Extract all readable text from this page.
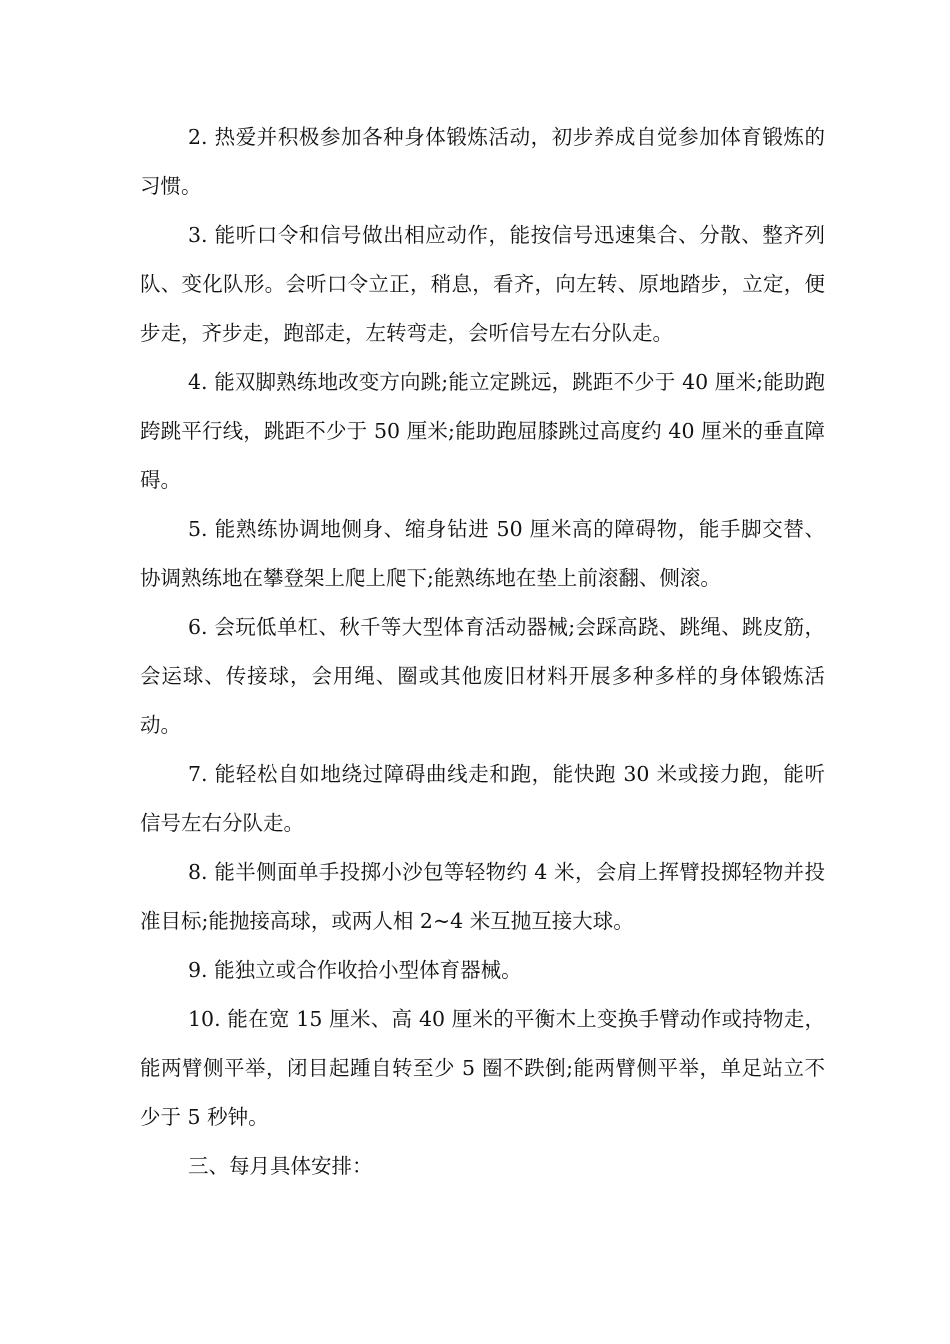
2. 热爱并积极参加各种身体锻炼活动，初步养成自觉参加体育锻炼的习惯。

3. 能听口令和信号做出相应动作，能按信号迅速集合、分散、整齐列队、变化队形。会听口令立正，稍息，看齐，向左转、原地踏步，立定，便步走，齐步走，跑部走，左转弯走，会听信号左右分队走。

4. 能双脚熟练地改变方向跳;能立定跳远，跳距不少于 40 厘米;能助跑跨跳平行线，跳距不少于 50 厘米;能助跑屈膝跳过高度约 40 厘米的垂直障碍。

5. 能熟练协调地侧身、缩身钻进 50 厘米高的障碍物，能手脚交替、协调熟练地在攀登架上爬上爬下;能熟练地在垫上前滚翻、侧滚。

6. 会玩低单杠、秋千等大型体育活动器械;会踩高跷、跳绳、跳皮筋，会运球、传接球，会用绳、圈或其他废旧材料开展多种多样的身体锻炼活动。

7. 能轻松自如地绕过障碍曲线走和跑，能快跑 30 米或接力跑，能听信号左右分队走。

8. 能半侧面单手投掷小沙包等轻物约 4 米，会肩上挥臂投掷轻物并投准目标;能抛接高球，或两人相 2~4 米互抛互接大球。

9. 能独立或合作收拾小型体育器械。

10. 能在宽 15 厘米、高 40 厘米的平衡木上变换手臂动作或持物走，能两臂侧平举，闭目起踵自转至少 5 圈不跌倒;能两臂侧平举，单足站立不少于 5 秒钟。

三、每月具体安排：
